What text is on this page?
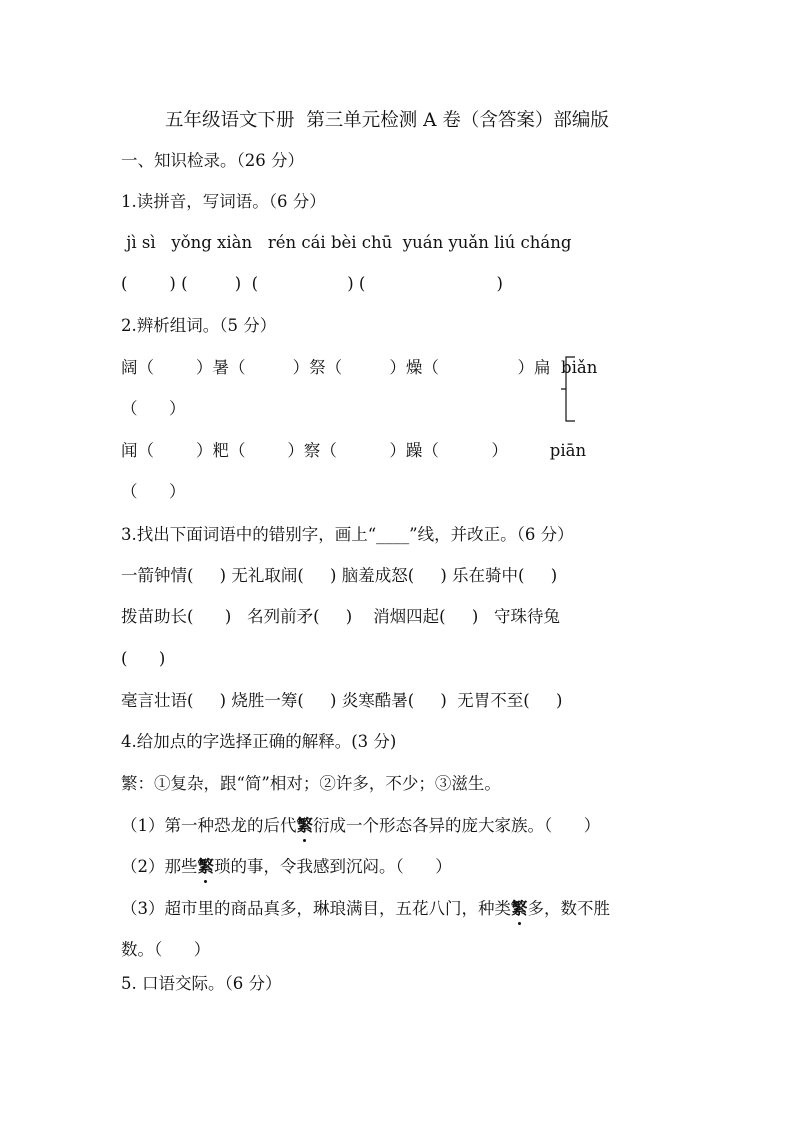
五年级语文下册  第三单元检测 A 卷（含答案）部编版
一、知识检录。（26 分）
1.读拼音，写词语。（6 分）
jì sì   yǒng xiàn   rén cái bèi chū  yuán yuǎn liú cháng
(        ) (         )  (                 ) (                         )
2.辨析组词。（5 分）
阔（        ）暑（         ）祭（         ）燥（               ）扁  biǎn
（      ）
闻（        ）粑（        ）察（          ）躁（          ）        piān
（      ）
3.找出下面词语中的错别字，画上“____”线，并改正。（6 分）
一箭钟情(     ) 无礼取闹(     ) 脑羞成怒(     ) 乐在骑中(     )
拨苗助长(      )   名列前矛(     )    消烟四起(     )   守珠待兔
(      )
毫言壮语(     ) 烧胜一筹(     ) 炎寒酷暑(     )  无胃不至(     )
4.给加点的字选择正确的解释。(3 分)
繁：①复杂，跟“简”相对；②许多，不少；③滋生。
（1）第一种恐龙的后代繁衍成一个形态各异的庞大家族。（      ）
（2）那些繁琐的事，令我感到沉闷。（      ）
（3）超市里的商品真多，琳琅满目，五花八门，种类繁多，数不胜
数。（      ）
5. 口语交际。（6 分）
